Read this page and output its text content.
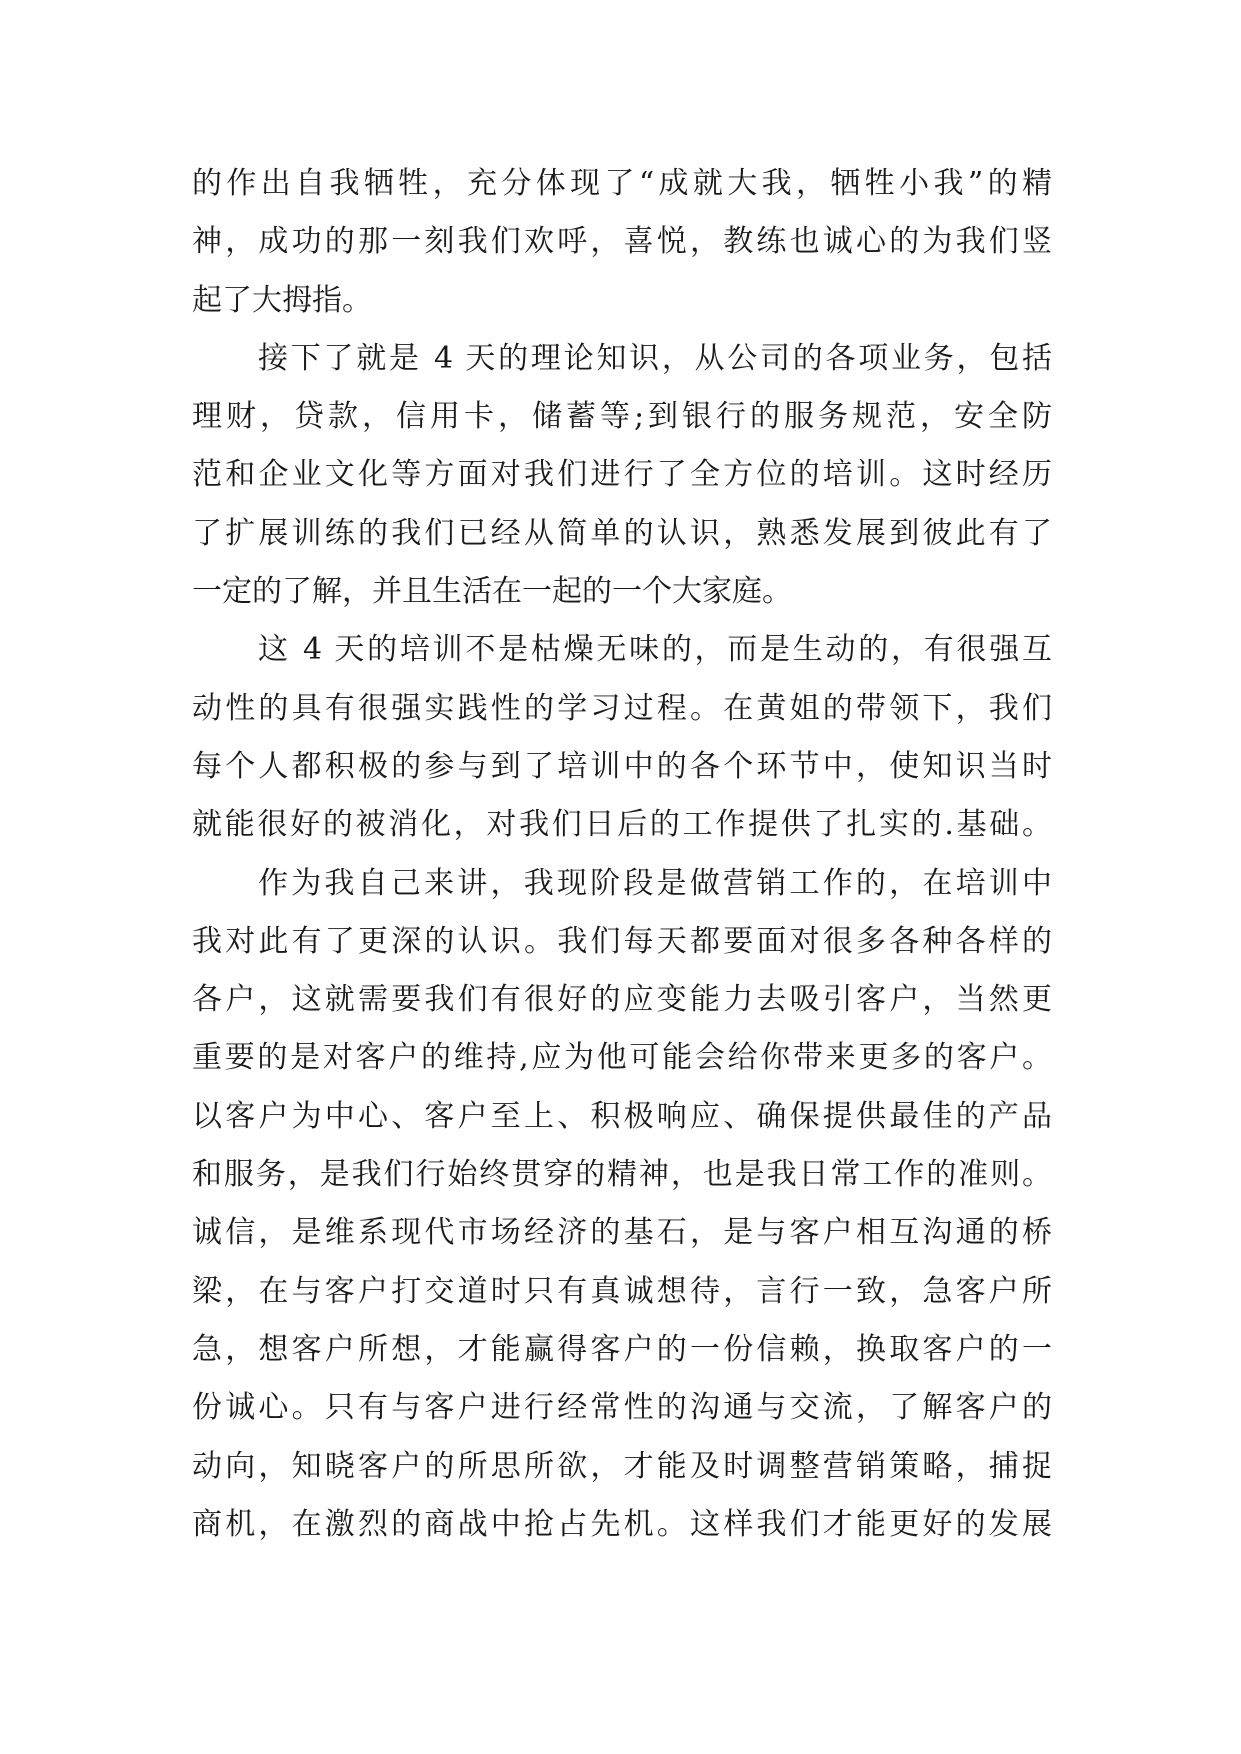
的作出自我牺牲，充分体现了“成就大我，牺牲小我”的精
神，成功的那一刻我们欢呼，喜悦，教练也诚心的为我们竖
起了大拇指。
接下了就是 4 天的理论知识，从公司的各项业务，包括
理财，贷款，信用卡，储蓄等;到银行的服务规范，安全防
范和企业文化等方面对我们进行了全方位的培训。这时经历
了扩展训练的我们已经从简单的认识，熟悉发展到彼此有了
一定的了解，并且生活在一起的一个大家庭。
这 4 天的培训不是枯燥无味的，而是生动的，有很强互
动性的具有很强实践性的学习过程。在黄姐的带领下，我们
每个人都积极的参与到了培训中的各个环节中，使知识当时
就能很好的被消化，对我们日后的工作提供了扎实的.基础。
作为我自己来讲，我现阶段是做营销工作的，在培训中
我对此有了更深的认识。我们每天都要面对很多各种各样的
各户，这就需要我们有很好的应变能力去吸引客户，当然更
重要的是对客户的维持,应为他可能会给你带来更多的客户。
以客户为中心、客户至上、积极响应、确保提供最佳的产品
和服务，是我们行始终贯穿的精神，也是我日常工作的准则。
诚信，是维系现代市场经济的基石，是与客户相互沟通的桥
梁，在与客户打交道时只有真诚想待，言行一致，急客户所
急，想客户所想，才能赢得客户的一份信赖，换取客户的一
份诚心。只有与客户进行经常性的沟通与交流，了解客户的
动向，知晓客户的所思所欲，才能及时调整营销策略，捕捉
商机，在激烈的商战中抢占先机。这样我们才能更好的发展
